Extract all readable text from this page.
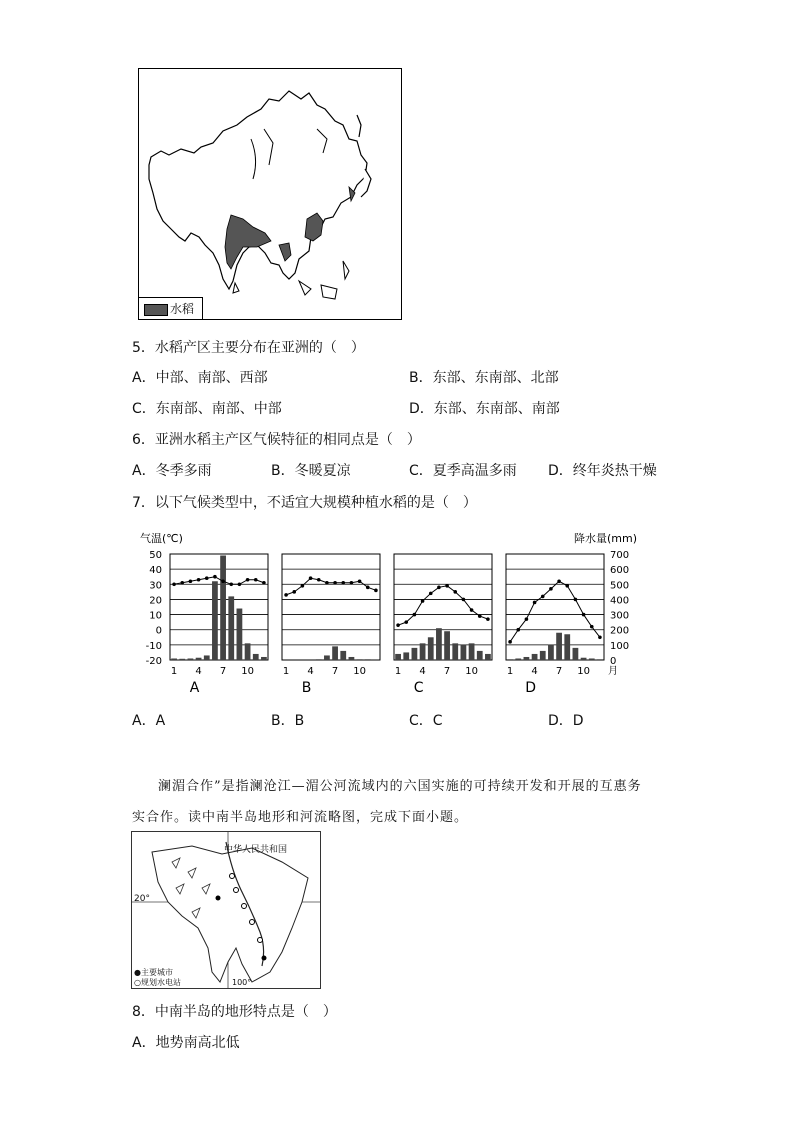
水稻
5．水稻产区主要分布在亚洲的（　）
A．中部、南部、西部	B．东部、东南部、北部
C．东南部、南部、中部	D．东部、东南部、南部
6．亚洲水稻主产区气候特征的相同点是（　）
A．冬季多雨	B．冬暖夏凉	C．夏季高温多雨 D．终年炎热干燥
7．以下气候类型中，不适宜大规模种植水稻的是（　）
气温(℃)	降水量(mm)
50
40
30
20
10
0
-10
-20
700
600
500
400
300
200
100
0
1 4 7 10
A
1 4 7 10
B
1 4 7 10
C
1 4 7 10
D
月
A．A	B．B	C．C	D．D
澜湄合作”是指澜沧江—湄公河流域内的六国实施的可持续开发和开展的互惠务
实合作。读中南半岛地形和河流略图，完成下面小题。
中华人民共和国
20°
100°
●主要城市
○规划水电站
8．中南半岛的地形特点是（　）
A．地势南高北低
